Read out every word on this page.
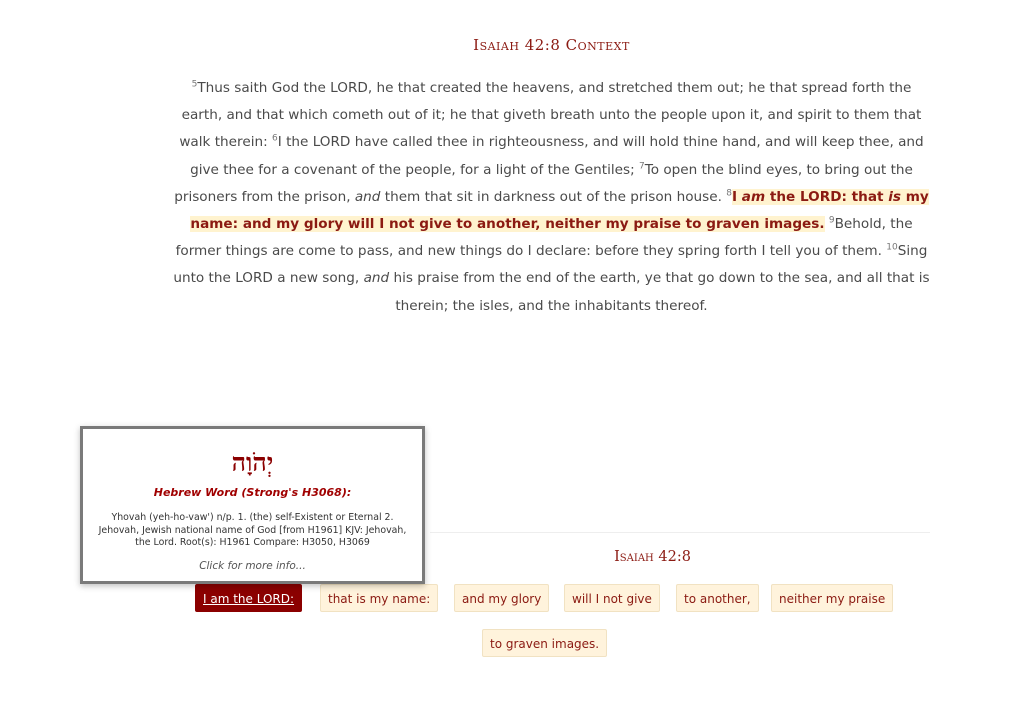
Isaiah 42:8 Context
$^5$Thus saith God the LORD, he that created the heavens, and stretched them out; he that spread forth the earth, and that which cometh out of it; he that giveth breath unto the people upon it, and spirit to them that walk therein: $^6$I the LORD have called thee in righteousness, and will hold thine hand, and will keep thee, and give thee for a covenant of the people, for a light of the Gentiles; $^7$To open the blind eyes, to bring out the prisoners from the prison, and them that sit in darkness out of the prison house. $^8$I am the LORD: that is my name: and my glory will I not give to another, neither my praise to graven images. $^9$Behold, the former things are come to pass, and new things do I declare: before they spring forth I tell you of them. $^{10}$Sing unto the LORD a new song, and his praise from the end of the earth, ye that go down to the sea, and all that is therein; the isles, and the inhabitants thereof.
Isaiah 42:8
I am the LORD:	that is my name:	and my glory	will I not give	to another,	neither my praise
to graven images.
יְהֹוָה
Hebrew Word (Strong's H3068):
Yhovah (yeh-ho-vaw') n/p. 1. (the) self-Existent or Eternal 2. Jehovah, Jewish national name of God [from H1961] KJV: Jehovah, the Lord. Root(s): H1961 Compare: H3050, H3069
Click for more info...
